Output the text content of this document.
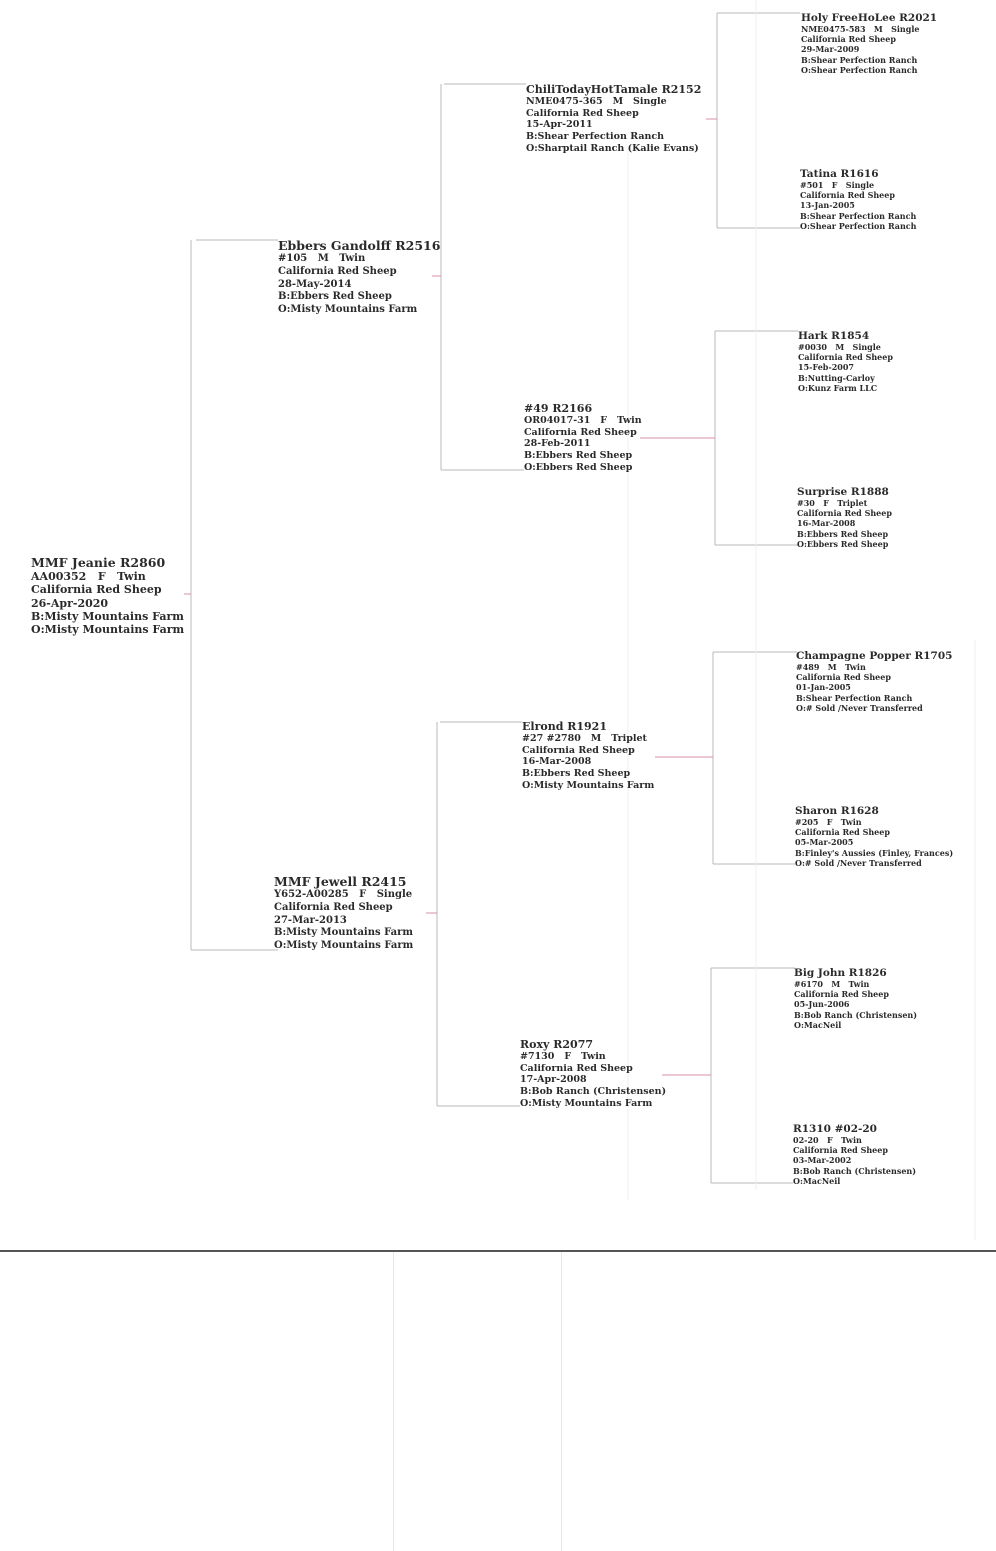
MMF Jeanie R2860
AA00352   F   Twin
California Red Sheep
26-Apr-2020
B:Misty Mountains Farm
O:Misty Mountains Farm
Ebbers Gandolff R2516
#105   M   Twin
California Red Sheep
28-May-2014
B:Ebbers Red Sheep
O:Misty Mountains Farm
MMF Jewell R2415
Y652-A00285   F   Single
California Red Sheep
27-Mar-2013
B:Misty Mountains Farm
O:Misty Mountains Farm
ChiliTodayHotTamale R2152
NME0475-365   M   Single
California Red Sheep
15-Apr-2011
B:Shear Perfection Ranch
O:Sharptail Ranch (Kalie Evans)
#49 R2166
OR04017-31   F   Twin
California Red Sheep
28-Feb-2011
B:Ebbers Red Sheep
O:Ebbers Red Sheep
Elrond R1921
#27 #2780   M   Triplet
California Red Sheep
16-Mar-2008
B:Ebbers Red Sheep
O:Misty Mountains Farm
Roxy R2077
#7130   F   Twin
California Red Sheep
17-Apr-2008
B:Bob Ranch (Christensen)
O:Misty Mountains Farm
Holy FreeHoLee R2021
NME0475-583   M   Single
California Red Sheep
29-Mar-2009
B:Shear Perfection Ranch
O:Shear Perfection Ranch
Tatina R1616
#501   F   Single
California Red Sheep
13-Jan-2005
B:Shear Perfection Ranch
O:Shear Perfection Ranch
Hark R1854
#0030   M   Single
California Red Sheep
15-Feb-2007
B:Nutting-Carloy
O:Kunz Farm LLC
Surprise R1888
#30   F   Triplet
California Red Sheep
16-Mar-2008
B:Ebbers Red Sheep
O:Ebbers Red Sheep
Champagne Popper R1705
#489   M   Twin
California Red Sheep
01-Jan-2005
B:Shear Perfection Ranch
O:# Sold /Never Transferred
Sharon R1628
#205   F   Twin
California Red Sheep
05-Mar-2005
B:Finley's Aussies (Finley, Frances)
O:# Sold /Never Transferred
Big John R1826
#6170   M   Twin
California Red Sheep
05-Jun-2006
B:Bob Ranch (Christensen)
O:MacNeil
R1310 #02-20
02-20   F   Twin
California Red Sheep
03-Mar-2002
B:Bob Ranch (Christensen)
O:MacNeil
